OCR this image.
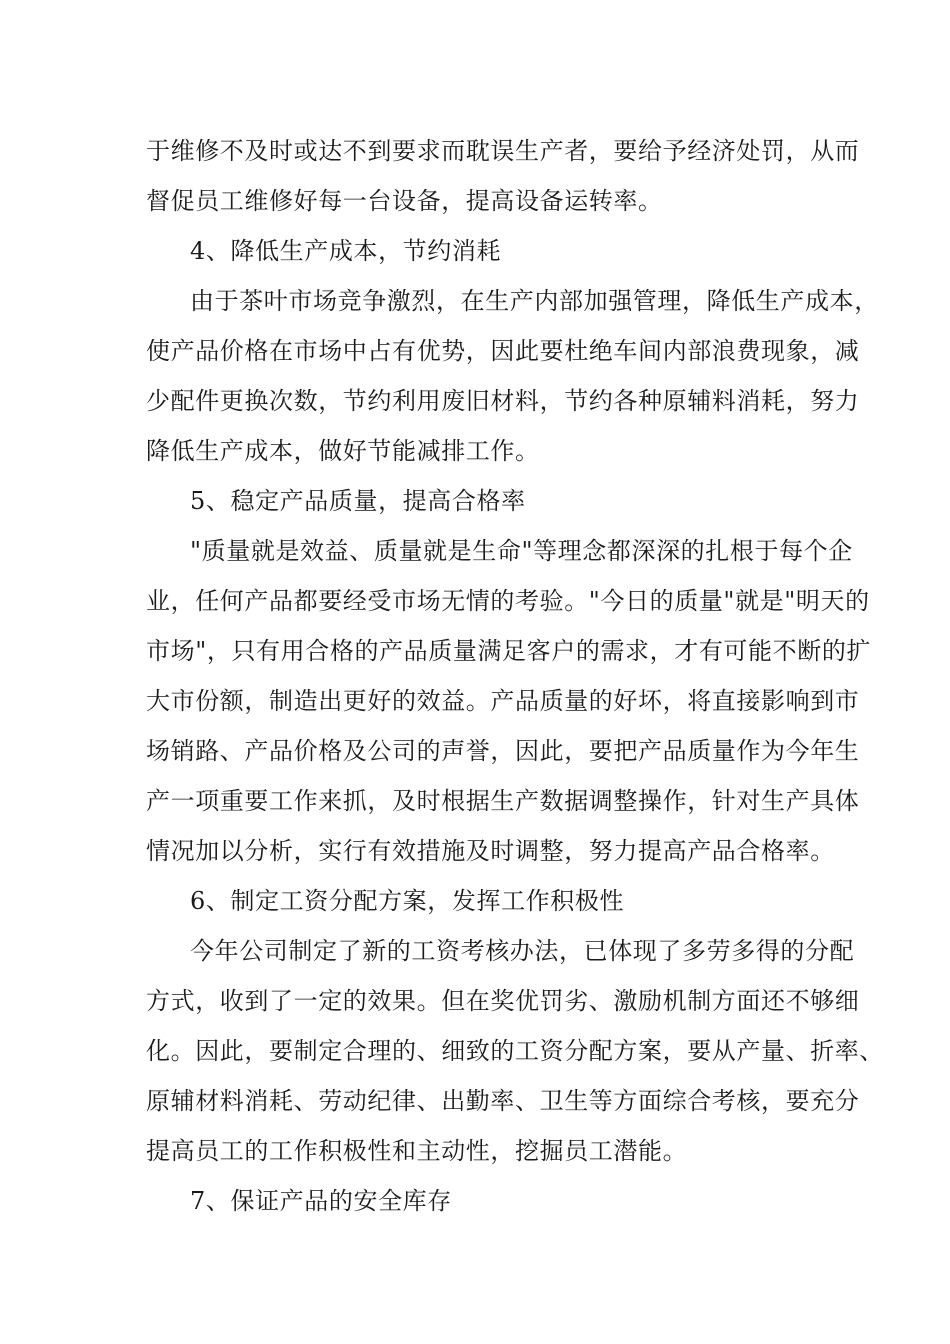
于维修不及时或达不到要求而耽误生产者，要给予经济处罚，从而
督促员工维修好每一台设备，提高设备运转率。
4、降低生产成本，节约消耗
由于茶叶市场竞争激烈，在生产内部加强管理，降低生产成本，
使产品价格在市场中占有优势，因此要杜绝车间内部浪费现象，减
少配件更换次数，节约利用废旧材料，节约各种原辅料消耗，努力
降低生产成本，做好节能减排工作。
5、稳定产品质量，提高合格率
"质量就是效益、质量就是生命"等理念都深深的扎根于每个企
业，任何产品都要经受市场无情的考验。"今日的质量"就是"明天的
市场"，只有用合格的产品质量满足客户的需求，才有可能不断的扩
大市份额，制造出更好的效益。产品质量的好坏，将直接影响到市
场销路、产品价格及公司的声誉，因此，要把产品质量作为今年生
产一项重要工作来抓，及时根据生产数据调整操作，针对生产具体
情况加以分析，实行有效措施及时调整，努力提高产品合格率。
6、制定工资分配方案，发挥工作积极性
今年公司制定了新的工资考核办法，已体现了多劳多得的分配
方式，收到了一定的效果。但在奖优罚劣、激励机制方面还不够细
化。因此，要制定合理的、细致的工资分配方案，要从产量、折率、
原辅材料消耗、劳动纪律、出勤率、卫生等方面综合考核，要充分
提高员工的工作积极性和主动性，挖掘员工潜能。
7、保证产品的安全库存
